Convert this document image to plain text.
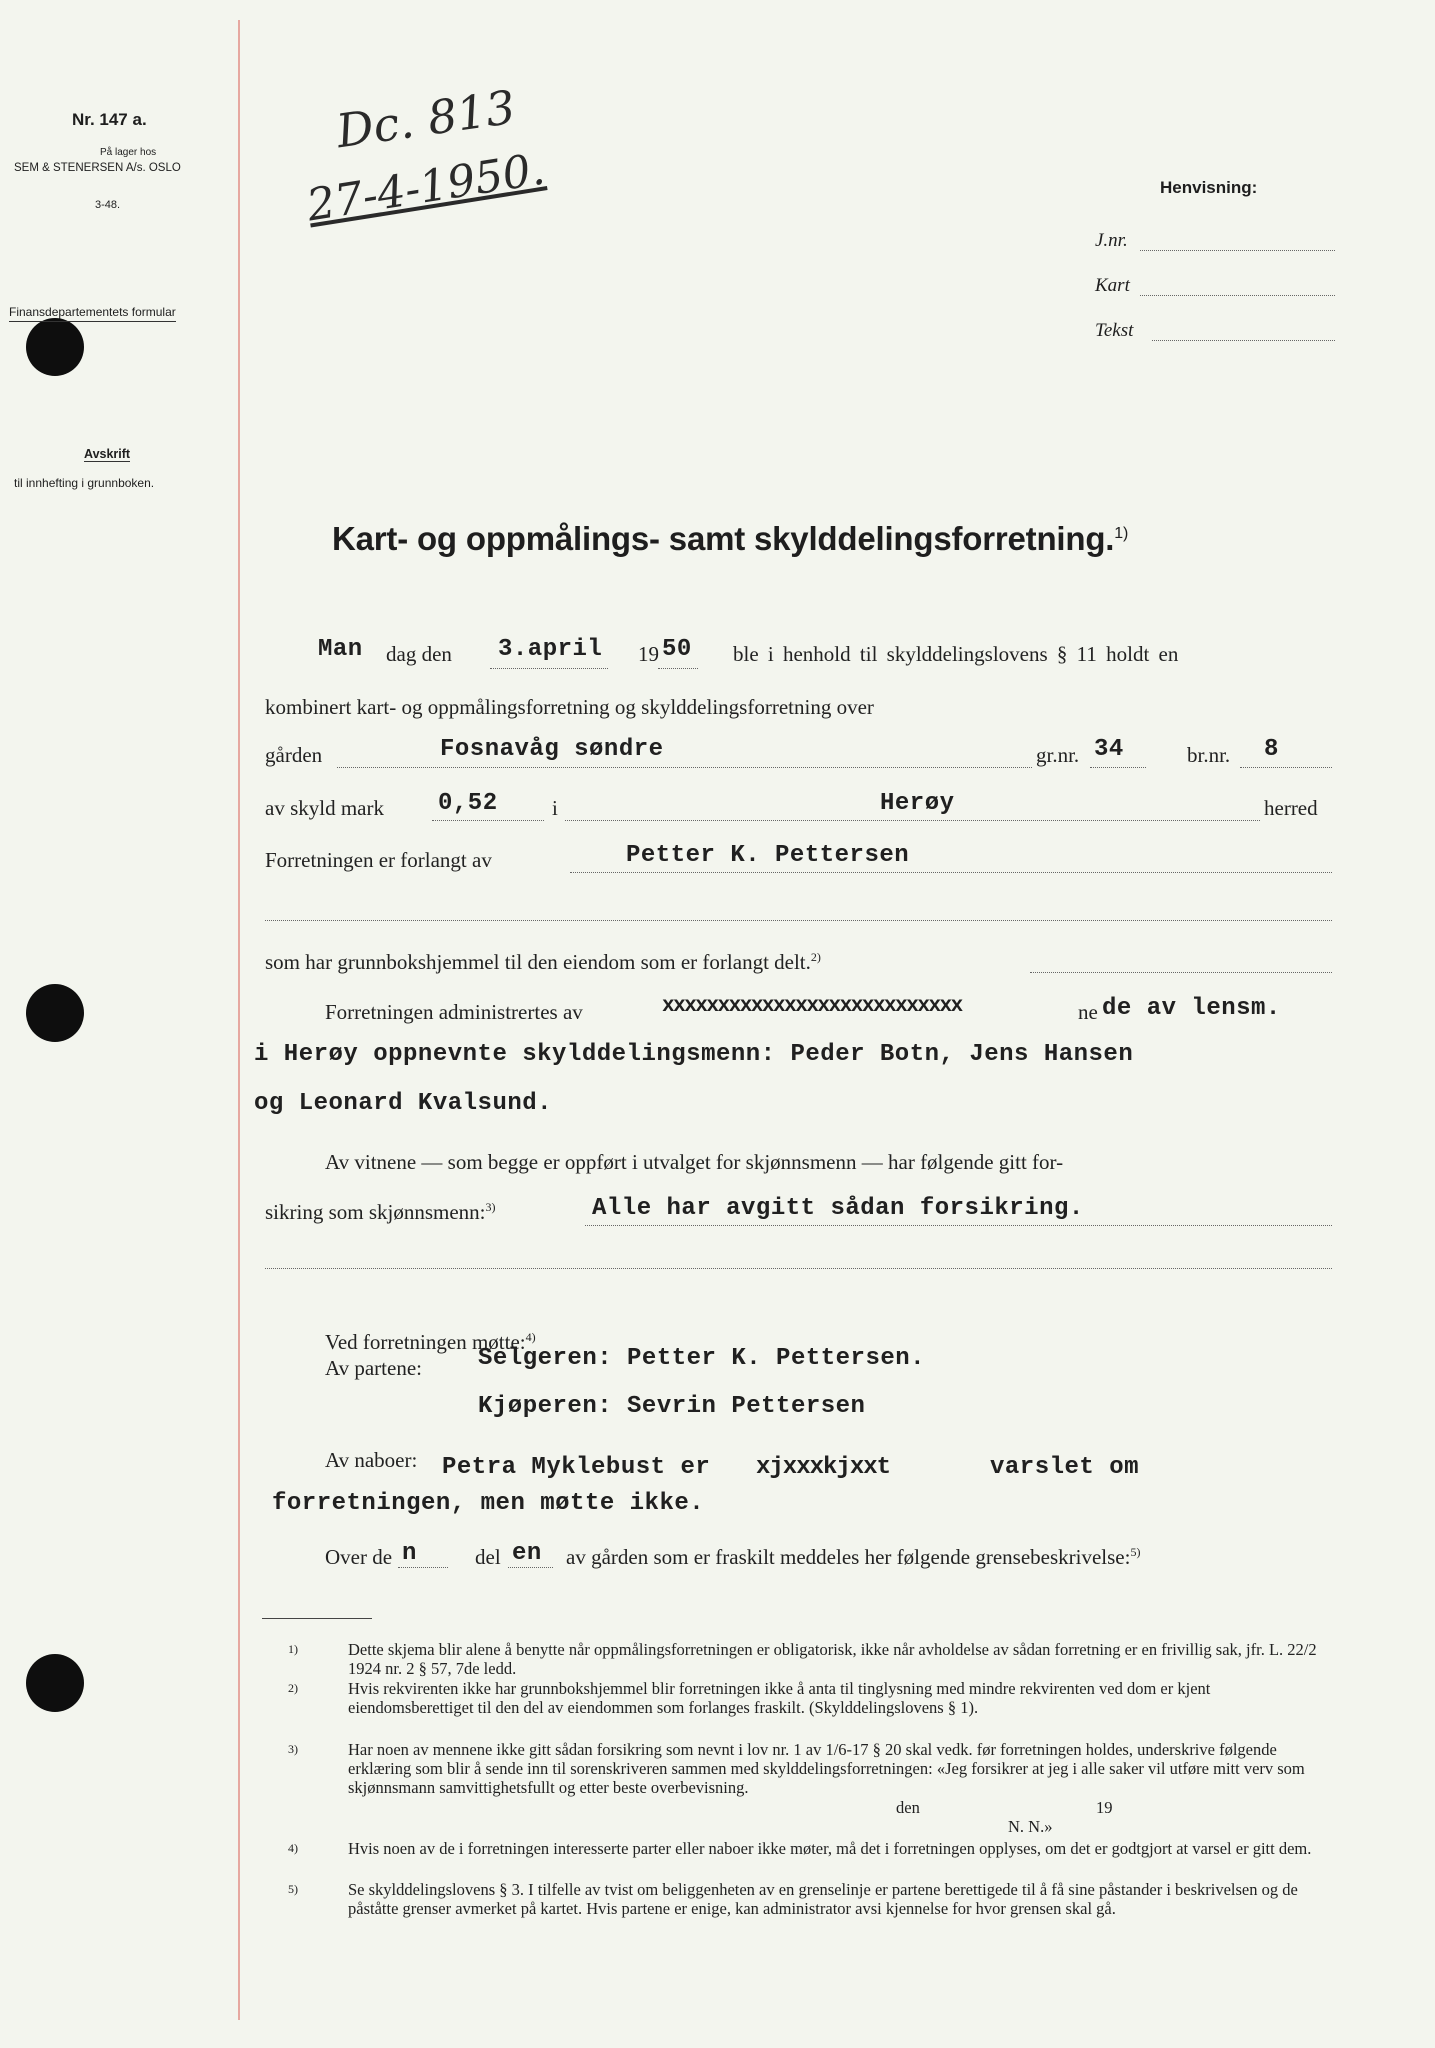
Nr. 147 a.
På lager hos
SEM & STENERSEN A/s. OSLO
3-48.
Finansdepartementets formular
Avskrift
til innhefting i grunnboken.
Dc. 813
27-4-1950.	Henvisning:
J.nr.
Kart
Tekst
Kart- og oppmålings- samt skylddelingsforretning.$^{1)}$
Man dag den 3.april 19 50 ble i henhold til skylddelingslovens § 11 holdt en
kombinert kart- og oppmålingsforretning og skylddelingsforretning over
gården	Fosnavåg søndre	gr.nr. 34	br.nr. 8
av skyld mark 0,52	i	Herøy	herred
Forretningen er forlangt av	Petter K. Pettersen
som har grunnbokshjemmel til den eiendom som er forlangt delt.$^{2)}$
Forretningen administrertes av	xxxxxxxxxxxxxxxxxxxxxxxxxxx	ne de av lensm.
i Herøy oppnevnte skylddelingsmenn: Peder Botn, Jens Hansen
og Leonard Kvalsund.
Av vitnene — som begge er oppført i utvalget for skjønnsmenn — har følgende gitt for-
sikring som skjønnsmenn:$^{3)}$	Alle har avgitt sådan forsikring.
Ved forretningen møtte:$^{4)}$
Av partene: Selgeren: Petter K. Pettersen.
Kjøperen: Sevrin Pettersen
Av naboer: Petra Myklebust er xjxxxkjxxt	varslet om
forretningen, men møtte ikke.
Over de n	del en av gården som er fraskilt meddeles her følgende grensebeskrivelse:$^{5)}$
1)	Dette skjema blir alene å benytte når oppmålingsforretningen er obligatorisk, ikke når avholdelse av sådan forretning er en frivillig sak, jfr. L. 22/2 1924 nr. 2 § 57, 7de ledd.
2)	Hvis rekvirenten ikke har grunnbokshjemmel blir forretningen ikke å anta til tinglysning med mindre rekvirenten ved dom er kjent eiendomsberettiget til den del av eiendommen som forlanges fraskilt. (Skylddelingslovens § 1).
3)	Har noen av mennene ikke gitt sådan forsikring som nevnt i lov nr. 1 av 1/6-17 § 20 skal vedk. før forretningen holdes, underskrive følgende erklæring som blir å sende inn til sorenskriveren sammen med skylddelingsforretningen: «Jeg forsikrer at jeg i alle saker vil utføre mitt verv som skjønnsmann samvittighetsfullt og etter beste overbevisning.
den	19
N. N.»
4)	Hvis noen av de i forretningen interesserte parter eller naboer ikke møter, må det i forretningen opplyses, om det er godtgjort at varsel er gitt dem.
5)	Se skylddelingslovens § 3. I tilfelle av tvist om beliggenheten av en grenselinje er partene berettigede til å få sine påstander i beskrivelsen og de påståtte grenser avmerket på kartet. Hvis partene er enige, kan administrator avsi kjennelse for hvor grensen skal gå.
